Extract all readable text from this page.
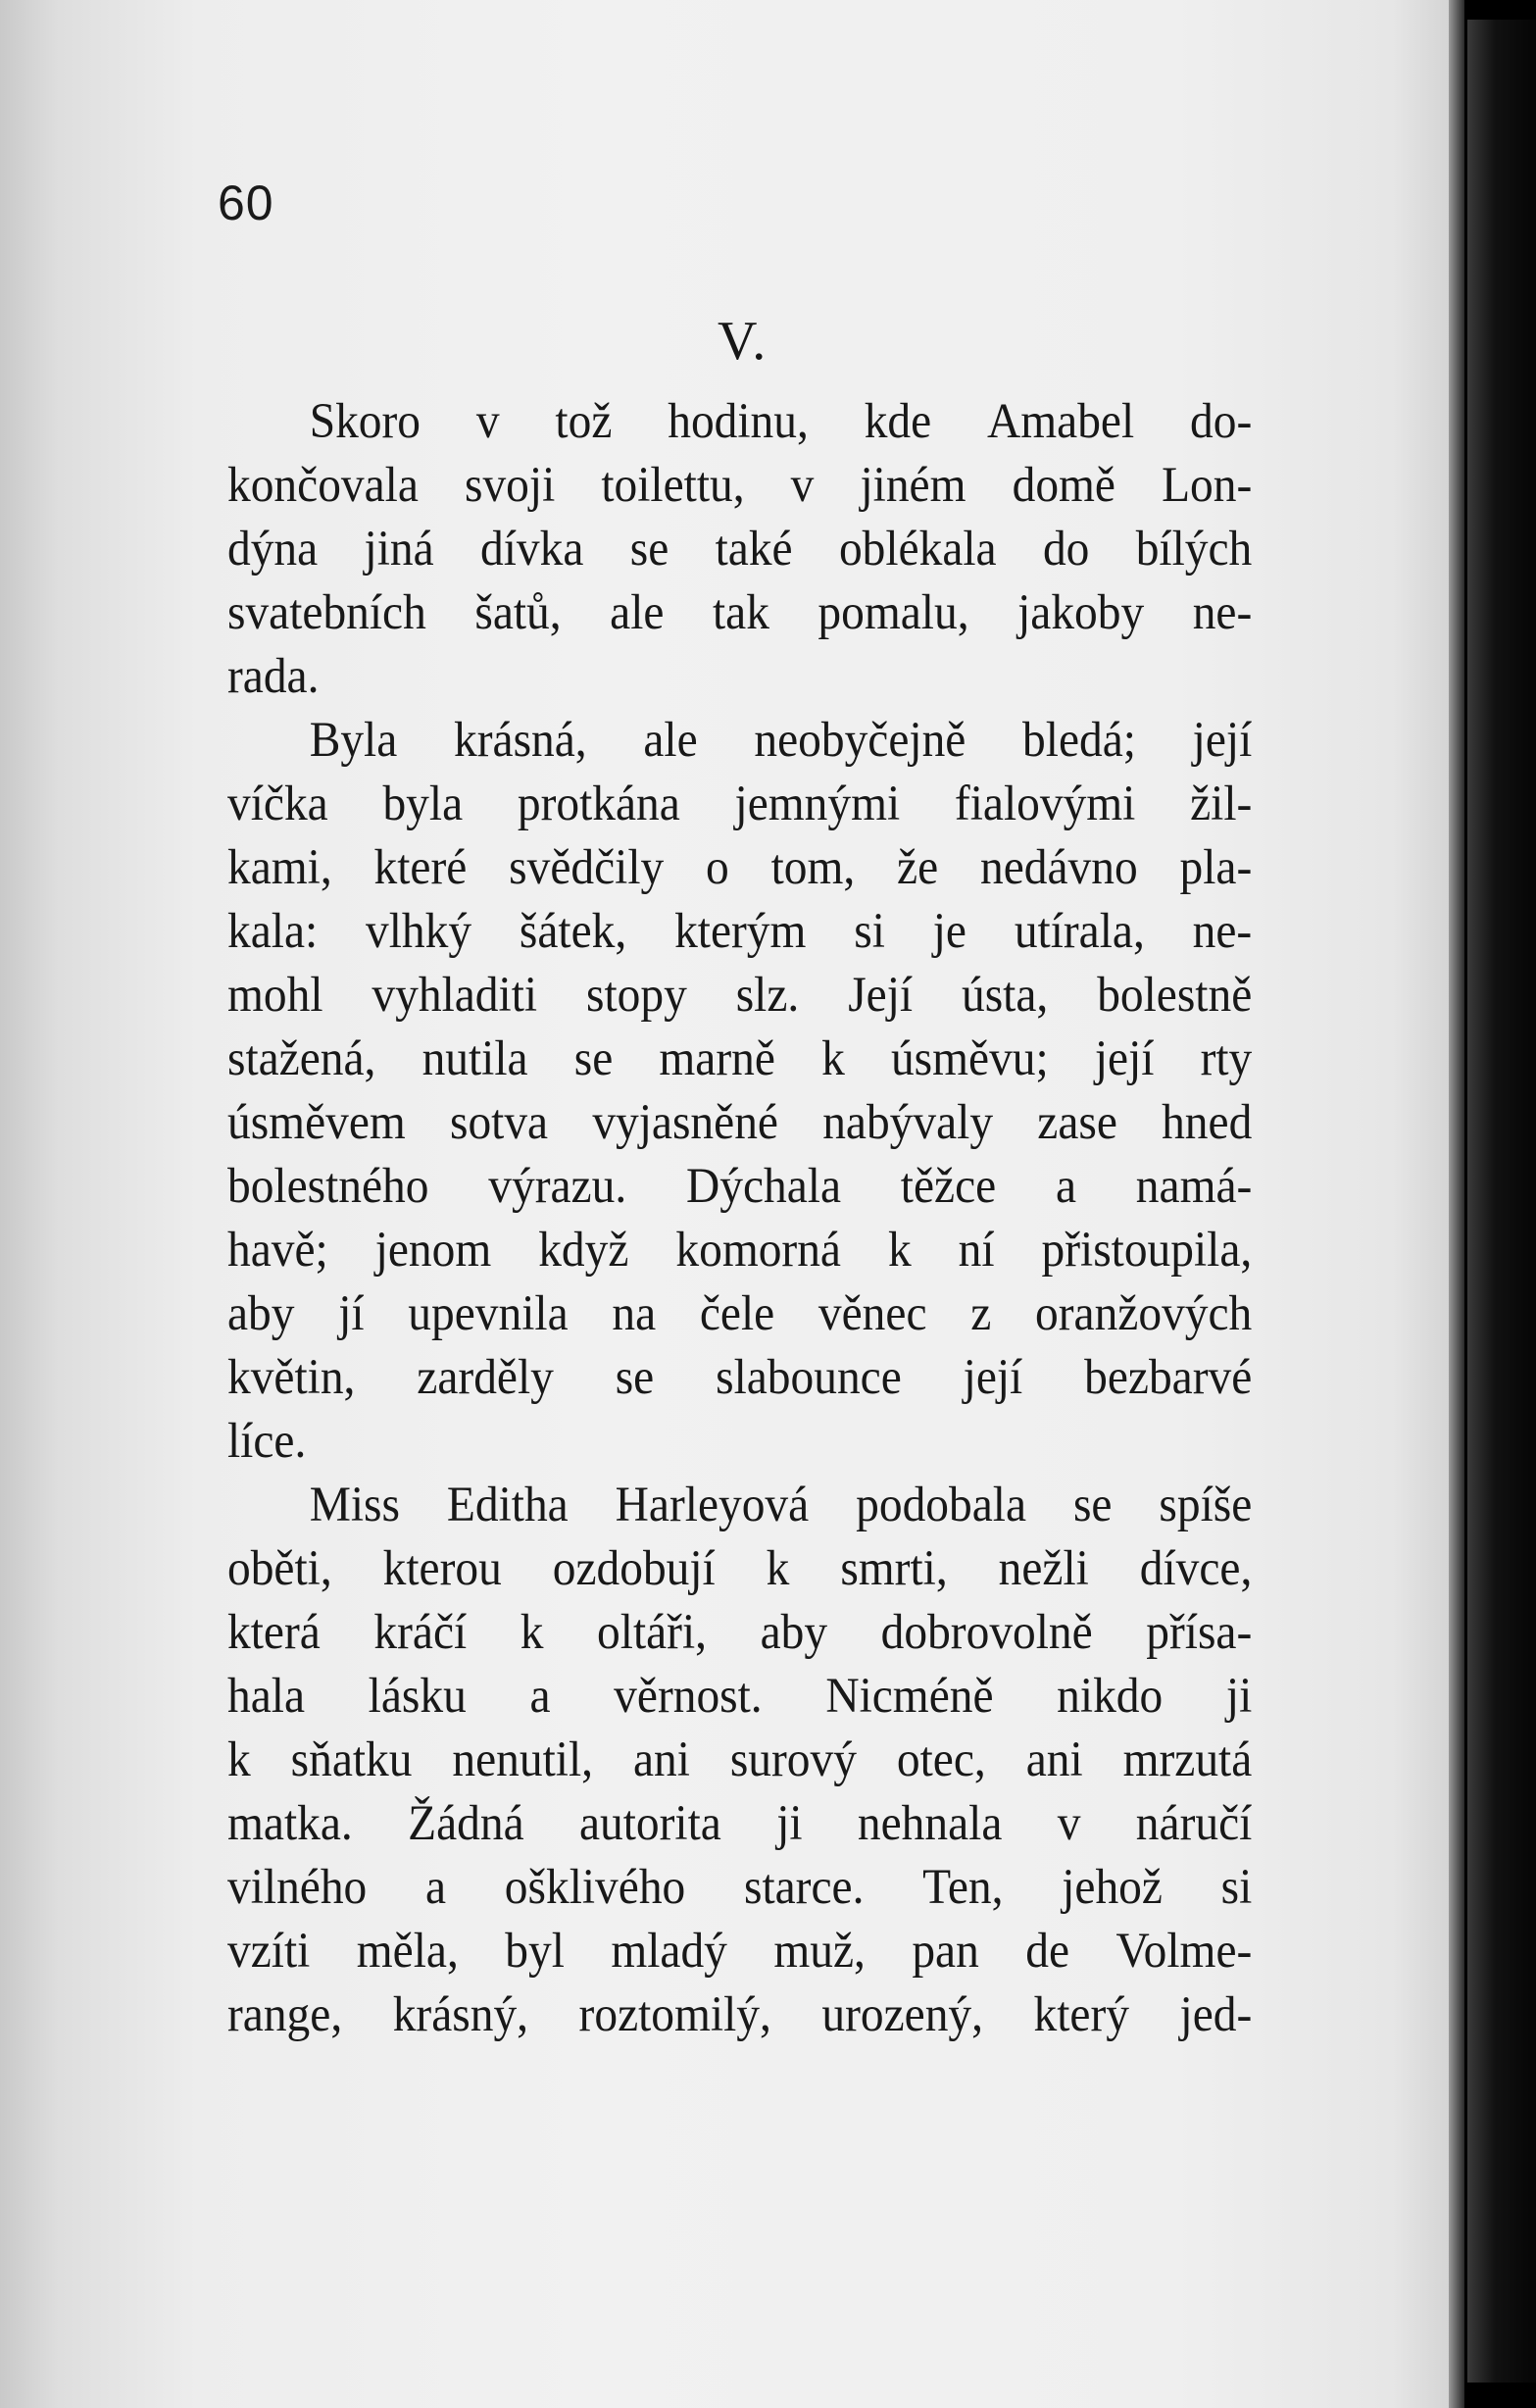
60
V.
Skoro v tož hodinu, kde Amabel do-
končovala svoji toilettu, v jiném domě Lon-
dýna jiná dívka se také oblékala do bílých
svatebních šatů, ale tak pomalu, jakoby ne-
rada.
Byla krásná, ale neobyčejně bledá; její
víčka byla protkána jemnými fialovými žil-
kami, které svědčily o tom, že nedávno pla-
kala: vlhký šátek, kterým si je utírala, ne-
mohl vyhladiti stopy slz. Její ústa, bolestně
stažená, nutila se marně k úsměvu; její rty
úsměvem sotva vyjasněné nabývaly zase hned
bolestného výrazu. Dýchala těžce a namá-
havě; jenom když komorná k ní přistoupila,
aby jí upevnila na čele věnec z oranžových
květin, zarděly se slabounce její bezbarvé
líce.
Miss Editha Harleyová podobala se spíše
oběti, kterou ozdobují k smrti, nežli dívce,
která kráčí k oltáři, aby dobrovolně přísa-
hala lásku a věrnost. Nicméně nikdo ji
k sňatku nenutil, ani surový otec, ani mrzutá
matka. Žádná autorita ji nehnala v náručí
vilného a ošklivého starce. Ten, jehož si
vzíti měla, byl mladý muž, pan de Volme-
range, krásný, roztomilý, urozený, který jed-
